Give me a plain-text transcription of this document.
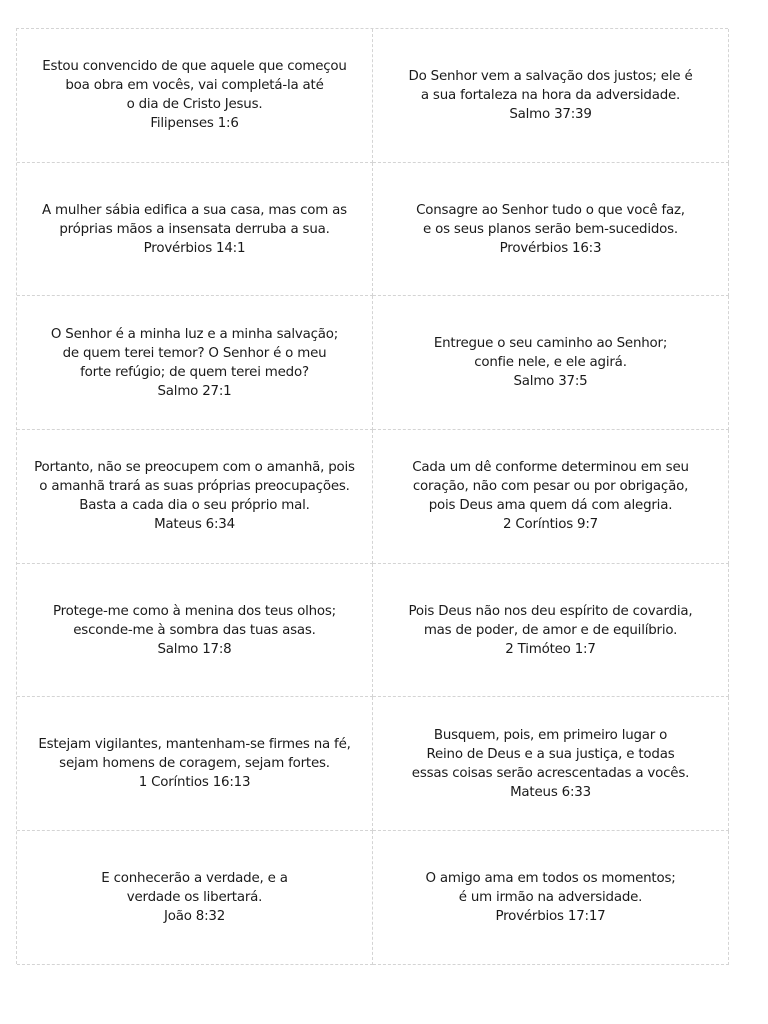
Estou convencido de que aquele que começou
boa obra em vocês, vai completá-la até
o dia de Cristo Jesus.
Filipenses 1:6
Do Senhor vem a salvação dos justos; ele é
a sua fortaleza na hora da adversidade.
Salmo 37:39
A mulher sábia edifica a sua casa, mas com as
próprias mãos a insensata derruba a sua.
Provérbios 14:1
Consagre ao Senhor tudo o que você faz,
e os seus planos serão bem-sucedidos.
Provérbios 16:3
O Senhor é a minha luz e a minha salvação;
de quem terei temor? O Senhor é o meu
forte refúgio; de quem terei medo?
Salmo 27:1
Entregue o seu caminho ao Senhor;
confie nele, e ele agirá.
Salmo 37:5
Portanto, não se preocupem com o amanhã, pois
o amanhã trará as suas próprias preocupações.
Basta a cada dia o seu próprio mal.
Mateus 6:34
Cada um dê conforme determinou em seu
coração, não com pesar ou por obrigação,
pois Deus ama quem dá com alegria.
2 Coríntios 9:7
Protege-me como à menina dos teus olhos;
esconde-me à sombra das tuas asas.
Salmo 17:8
Pois Deus não nos deu espírito de covardia,
mas de poder, de amor e de equilíbrio.
2 Timóteo 1:7
Estejam vigilantes, mantenham-se firmes na fé,
sejam homens de coragem, sejam fortes.
1 Coríntios 16:13
Busquem, pois, em primeiro lugar o
Reino de Deus e a sua justiça, e todas
essas coisas serão acrescentadas a vocês.
Mateus 6:33
E conhecerão a verdade, e a
verdade os libertará.
João 8:32
O amigo ama em todos os momentos;
é um irmão na adversidade.
Provérbios 17:17
